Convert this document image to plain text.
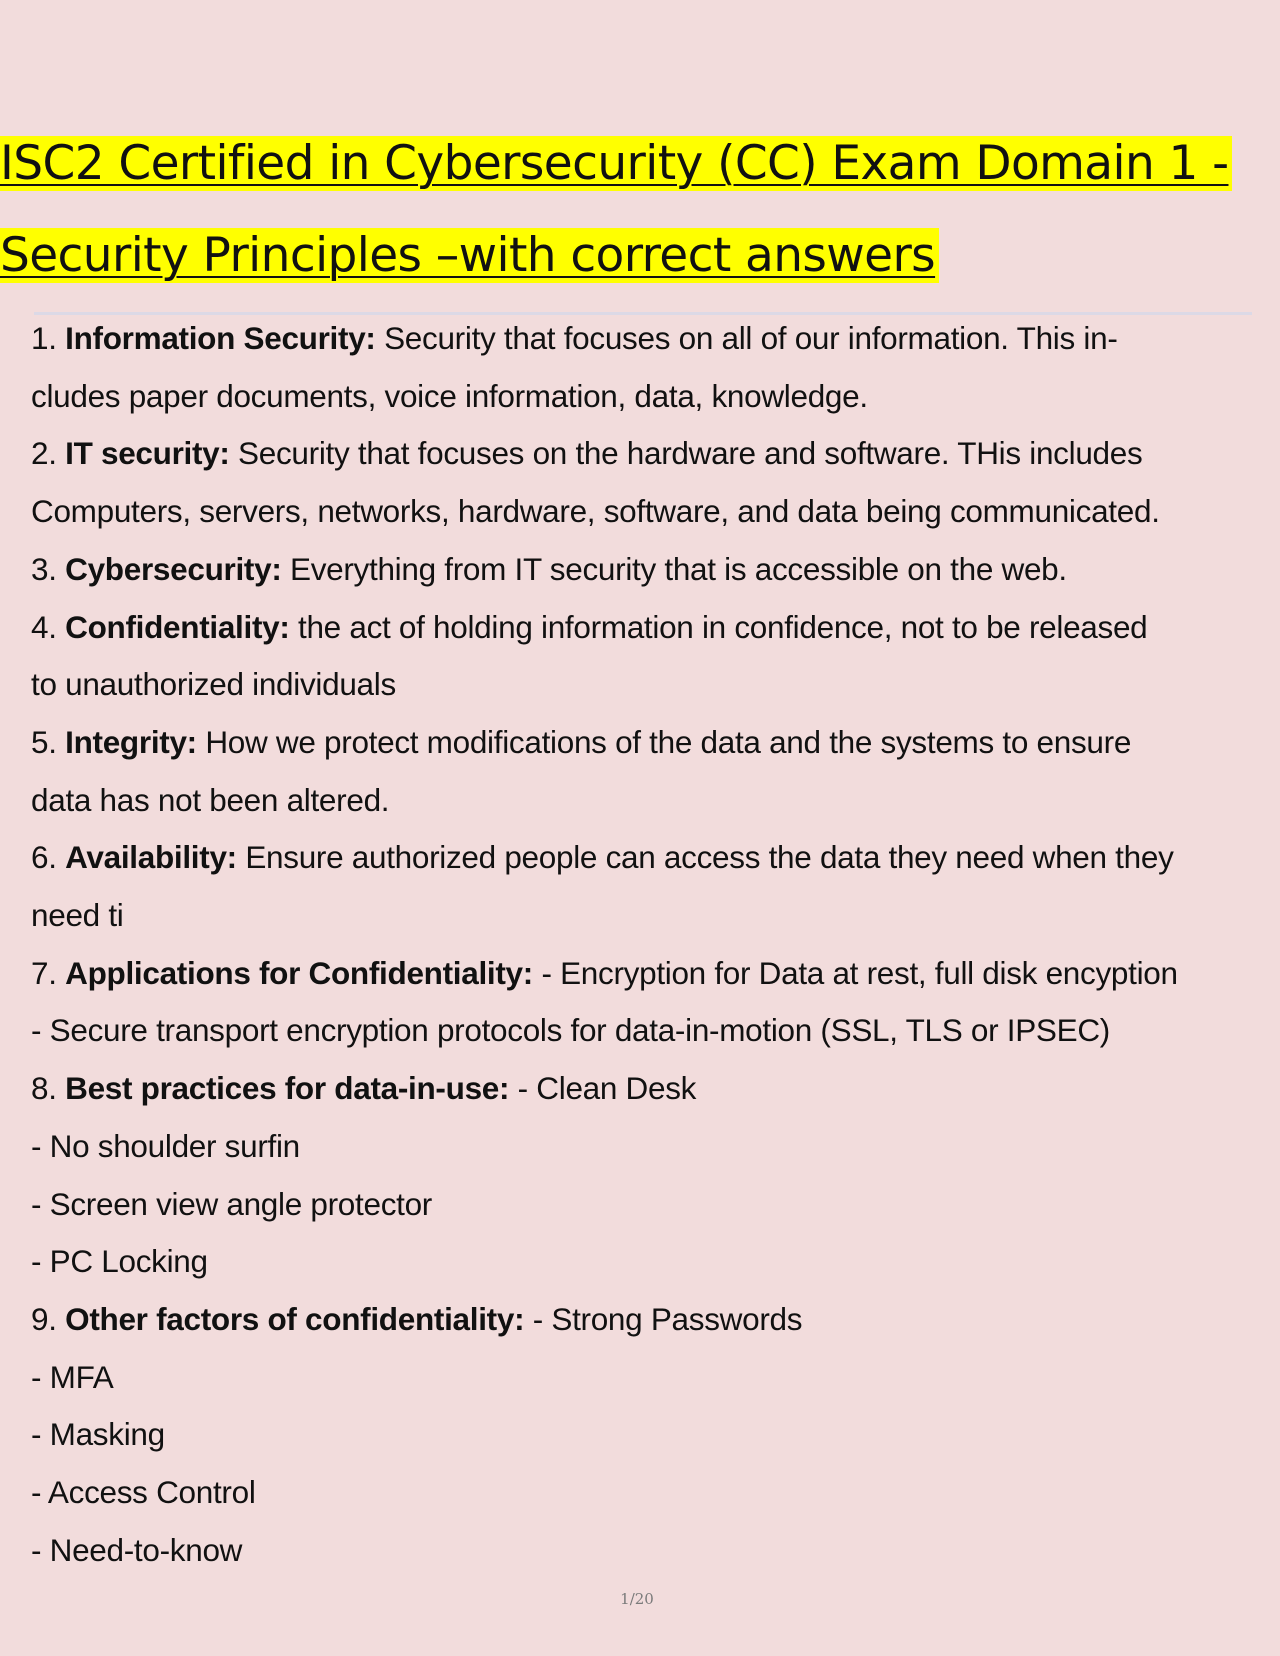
ISC2 Certified in Cybersecurity (CC) Exam Domain 1 -
Security Principles –with correct answers

1. Information Security: Security that focuses on all of our information. This in-
cludes paper documents, voice information, data, knowledge.

2. IT security: Security that focuses on the hardware and software. THis includes
Computers, servers, networks, hardware, software, and data being communicated.

3. Cybersecurity: Everything from IT security that is accessible on the web.

4. Confidentiality: the act of holding information in confidence, not to be released
to unauthorized individuals

5. Integrity: How we protect modifications of the data and the systems to ensure
data has not been altered.

6. Availability: Ensure authorized people can access the data they need when they
need ti

7. Applications for Confidentiality: - Encryption for Data at rest, full disk encyption
- Secure transport encryption protocols for data-in-motion (SSL, TLS or IPSEC)

8. Best practices for data-in-use: - Clean Desk
- No shoulder surfin
- Screen view angle protector
- PC Locking

9. Other factors of confidentiality: - Strong Passwords
- MFA
- Masking
- Access Control
- Need-to-know

1/20
